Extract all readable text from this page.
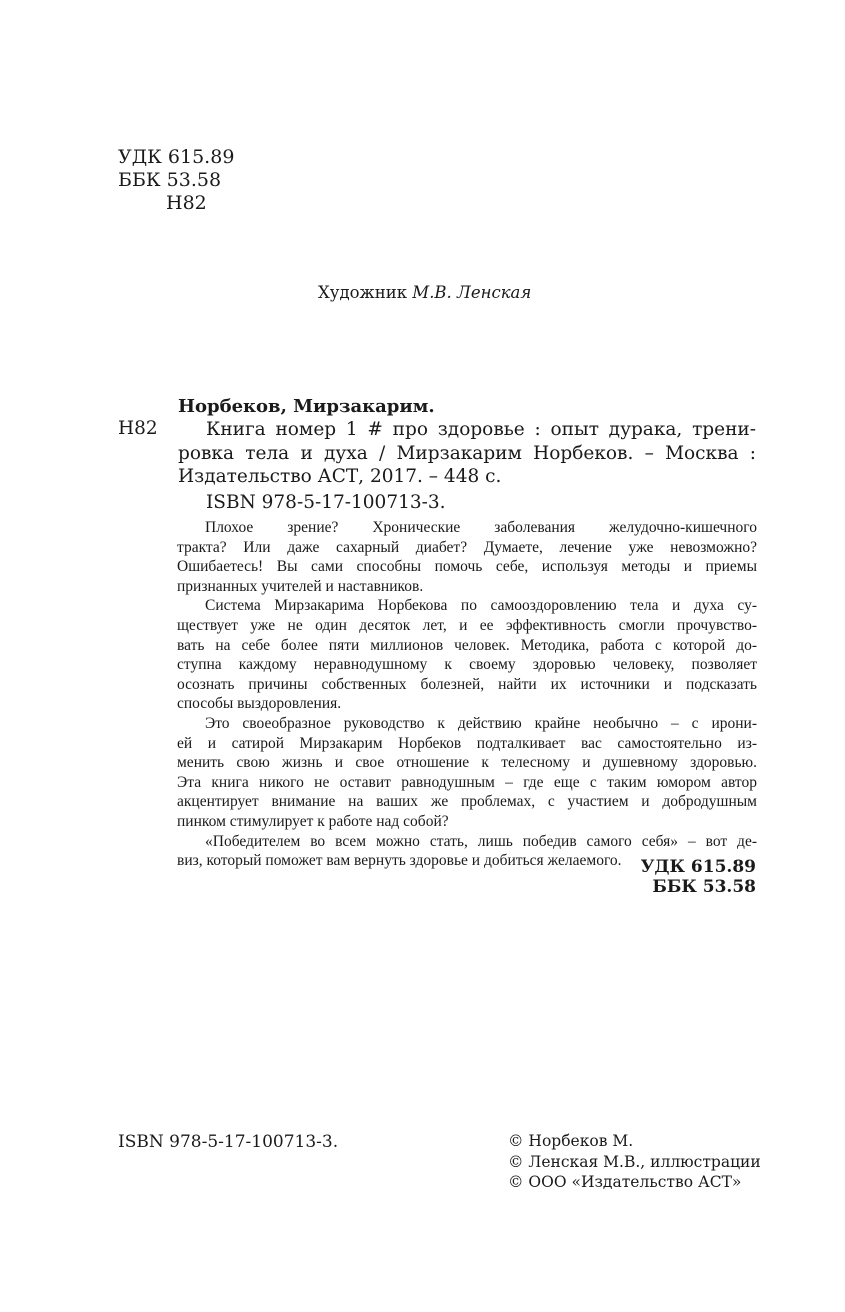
УДК 615.89
ББК 53.58
Н82
Художник М.В. Ленская
Норбеков, Мирзакарим.
Н82	Книга номер 1 # про здоровье : опыт дурака, трени-
ровка тела и духа / Мирзакарим Норбеков. – Москва :
Издательство АСТ, 2017. – 448 с.
ISBN 978-5-17-100713-3.

Плохое зрение? Хронические заболевания желудочно-кишечного
тракта? Или даже сахарный диабет? Думаете, лечение уже невозможно?
Ошибаетесь! Вы сами способны помочь себе, используя методы и приемы
признанных учителей и наставников.

Система Мирзакарима Норбекова по самооздоровлению тела и духа су-
ществует уже не один десяток лет, и ее эффективность смогли прочувство-
вать на себе более пяти миллионов человек. Методика, работа с которой до-
ступна каждому неравнодушному к своему здоровью человеку, позволяет
осознать причины собственных болезней, найти их источники и подсказать
способы выздоровления.

Это своеобразное руководство к действию крайне необычно – с ирони-
ей и сатирой Мирзакарим Норбеков подталкивает вас самостоятельно из-
менить свою жизнь и свое отношение к телесному и душевному здоровью.
Эта книга никого не оставит равнодушным – где еще с таким юмором автор
акцентирует внимание на ваших же проблемах, с участием и добродушным
пинком стимулирует к работе над собой?

«Победителем во всем можно стать, лишь победив самого себя» – вот де-
виз, который поможет вам вернуть здоровье и добиться желаемого.	УДК 615.89
ББК 53.58
ISBN 978-5-17-100713-3.	© Норбеков М.
© Ленская М.В., иллюстрации
© ООО «Издательство АСТ»
